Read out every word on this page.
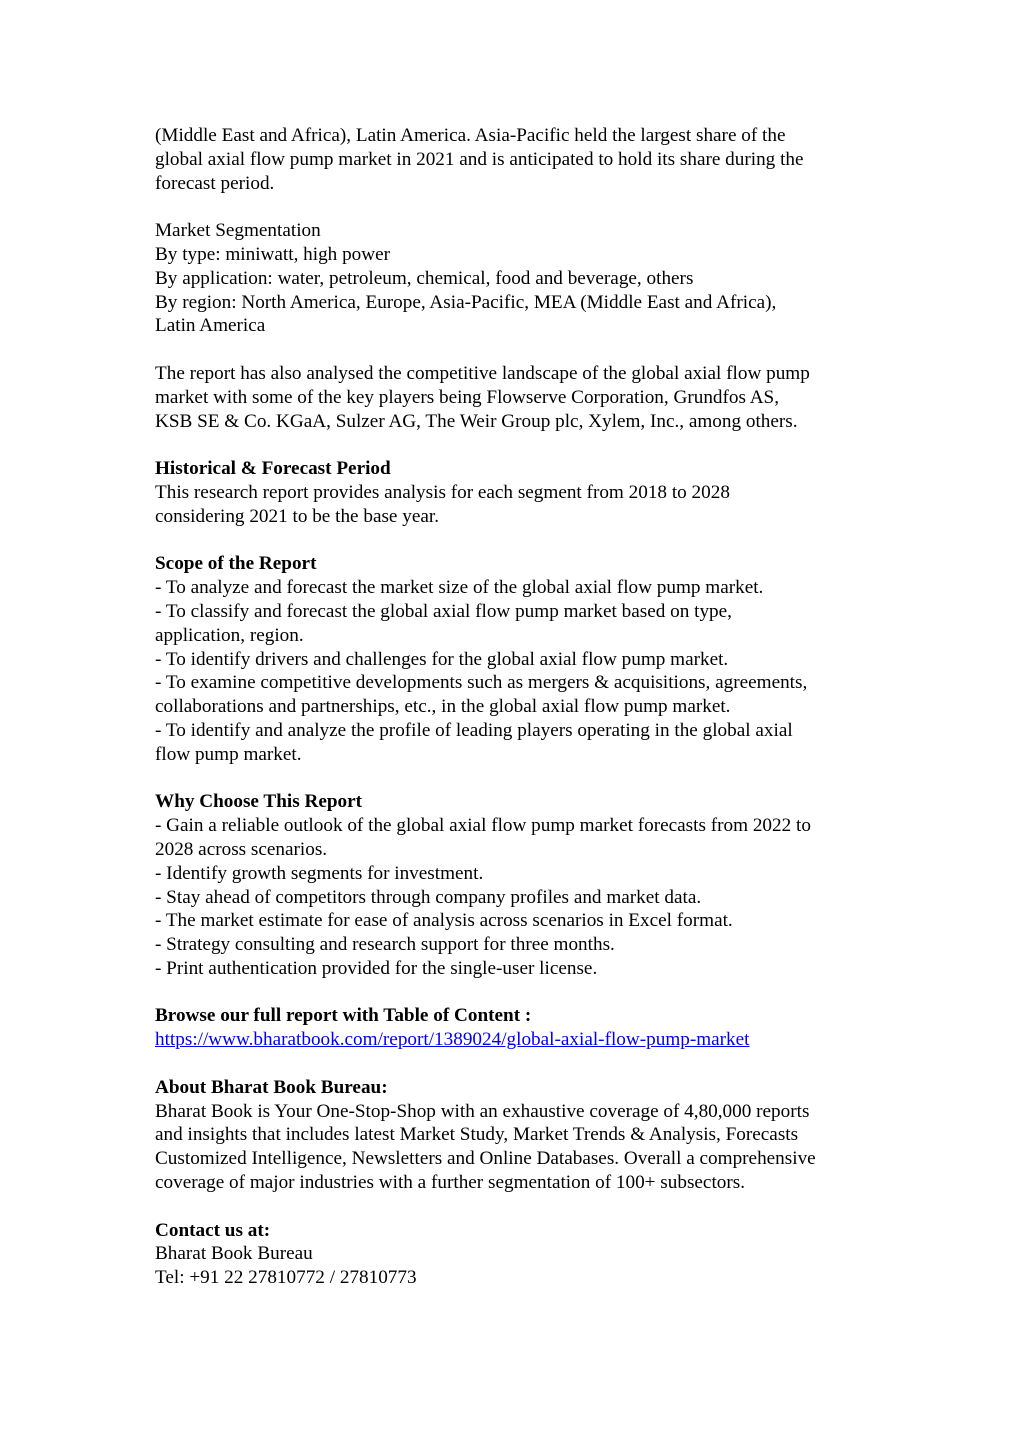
(Middle East and Africa), Latin America. Asia-Pacific held the largest share of the
global axial flow pump market in 2021 and is anticipated to hold its share during the
forecast period.
Market Segmentation
By type: miniwatt, high power
By application: water, petroleum, chemical, food and beverage, others
By region: North America, Europe, Asia-Pacific, MEA (Middle East and Africa),
Latin America
The report has also analysed the competitive landscape of the global axial flow pump
market with some of the key players being Flowserve Corporation, Grundfos AS,
KSB SE & Co. KGaA, Sulzer AG, The Weir Group plc, Xylem, Inc., among others.
Historical & Forecast Period
This research report provides analysis for each segment from 2018 to 2028
considering 2021 to be the base year.
Scope of the Report
- To analyze and forecast the market size of the global axial flow pump market.
- To classify and forecast the global axial flow pump market based on type,
application, region.
- To identify drivers and challenges for the global axial flow pump market.
- To examine competitive developments such as mergers & acquisitions, agreements,
collaborations and partnerships, etc., in the global axial flow pump market.
- To identify and analyze the profile of leading players operating in the global axial
flow pump market.
Why Choose This Report
- Gain a reliable outlook of the global axial flow pump market forecasts from 2022 to
2028 across scenarios.
- Identify growth segments for investment.
- Stay ahead of competitors through company profiles and market data.
- The market estimate for ease of analysis across scenarios in Excel format.
- Strategy consulting and research support for three months.
- Print authentication provided for the single-user license.
Browse our full report with Table of Content :
https://www.bharatbook.com/report/1389024/global-axial-flow-pump-market
About Bharat Book Bureau:
Bharat Book is Your One-Stop-Shop with an exhaustive coverage of 4,80,000 reports
and insights that includes latest Market Study, Market Trends & Analysis, Forecasts
Customized Intelligence, Newsletters and Online Databases. Overall a comprehensive
coverage of major industries with a further segmentation of 100+ subsectors.
Contact us at:
Bharat Book Bureau
Tel: +91 22 27810772 / 27810773
